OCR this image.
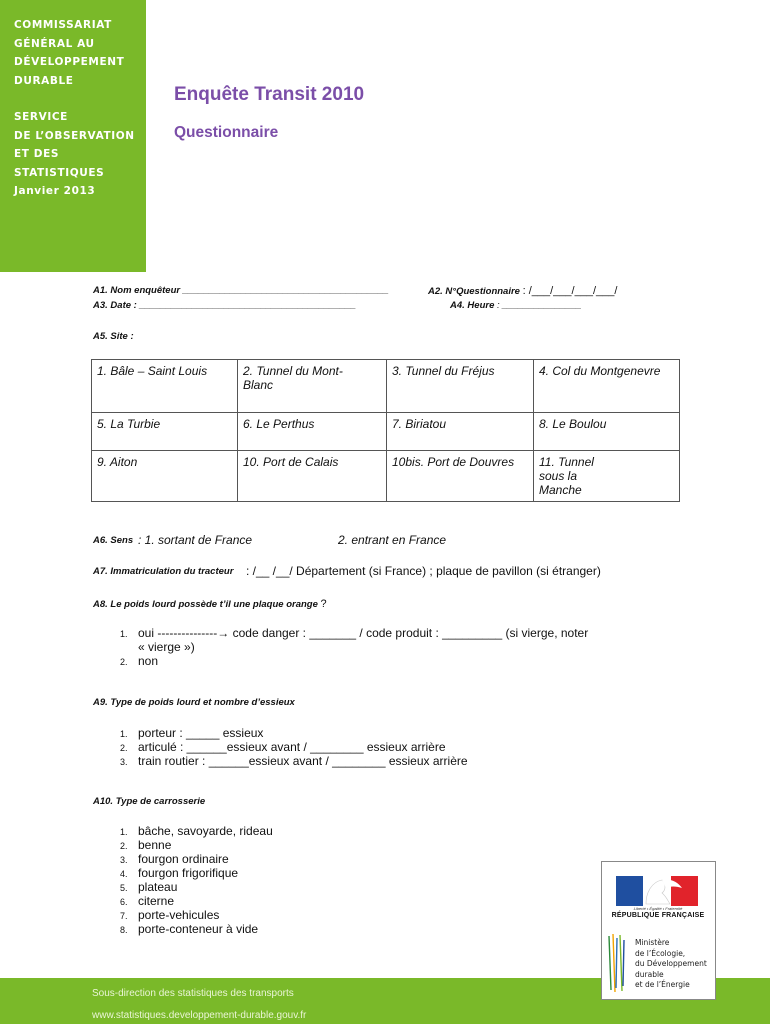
COMMISSARIAT
GÉNÉRAL AU
DÉVELOPPEMENT
DURABLE
SERVICE
DE L’OBSERVATION
ET DES STATISTIQUES
Janvier 2013
Enquête Transit 2010
Questionnaire
A1. Nom enquêteur _______________________________________	A2. N°Questionnaire : /___/___/___/___/
A3. Date : _________________________________________	A4. Heure : _______________
A5. Site :
1. Bâle – Saint Louis	2. Tunnel du Mont-Blanc	3. Tunnel du Fréjus	4. Col du Montgenevre
5. La Turbie	6. Le Perthus	7. Biriatou	8. Le Boulou
9. Aiton	10. Port de Calais	10bis. Port de Douvres	11. Tunnel sous la Manche
A6. Sens : 1. sortant de France	2. entrant en France
A7. Immatriculation du tracteur : /__ /__/ Département (si France) ; plaque de pavillon (si étranger)
A8. Le poids lourd possède t’il une plaque orange ?
1. oui ---------------→ code danger : _______ / code produit : _________ (si vierge, noter
« vierge »)
2. non
A9. Type de poids lourd et nombre d’essieux
1. porteur : _____ essieux
2. articulé : ______essieux avant / ________ essieux arrière
3. train routier : ______essieux avant / ________ essieux arrière
A10. Type de carrosserie
1. bâche, savoyarde, rideau
2. benne
3. fourgon ordinaire
4. fourgon frigorifique
5. plateau
6. citerne
7. porte-vehicules
8. porte-conteneur à vide
Sous-direction des statistiques des transports
www.statistiques.developpement-durable.gouv.fr
Liberté • Égalité • Fraternité
RÉPUBLIQUE FRANÇAISE
Ministère
de l’Écologie,
du Développement
durable
et de l’Énergie
